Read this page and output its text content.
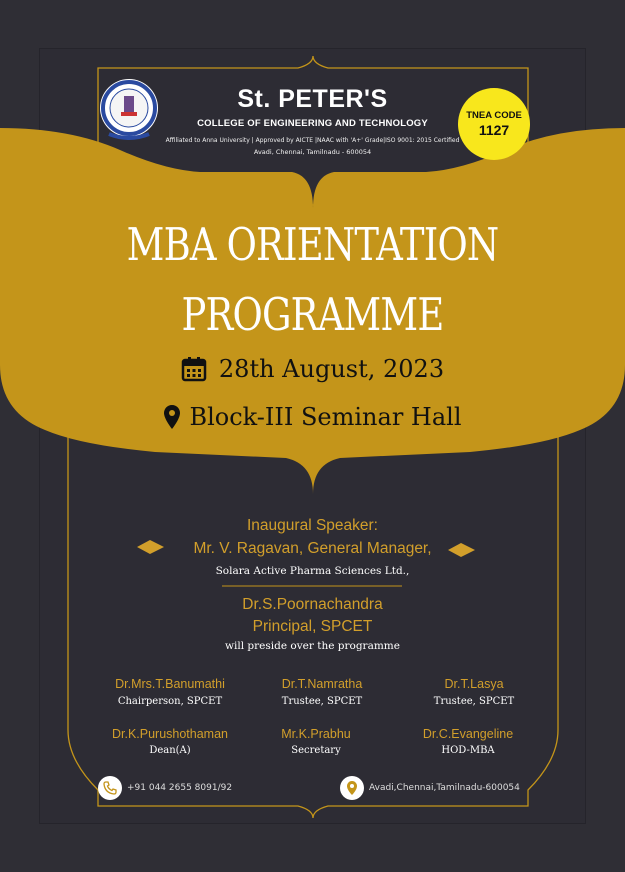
St. PETER'S
COLLEGE OF ENGINEERING AND TECHNOLOGY
Affiliated to Anna University | Approved by AICTE |NAAC with 'A+' Grade|ISO 9001: 2015 Certified
Avadi, Chennai, Tamilnadu - 600054
TNEA CODE
1127
MBA ORIENTATION
PROGRAMME
28th August, 2023
Block-III Seminar Hall
Inaugural Speaker:
Mr. V. Ragavan, General Manager,
Solara Active Pharma Sciences Ltd.,
Dr.S.Poornachandra
Principal, SPCET
will preside over the programme
Dr.Mrs.T.Banumathi
Chairperson, SPCET
Dr.T.Namratha
Trustee, SPCET
Dr.T.Lasya
Trustee, SPCET
Dr.K.Purushothaman
Dean(A)
Mr.K.Prabhu
Secretary
Dr.C.Evangeline
HOD-MBA
+91 044 2655 8091/92	Avadi,Chennai,Tamilnadu-600054
